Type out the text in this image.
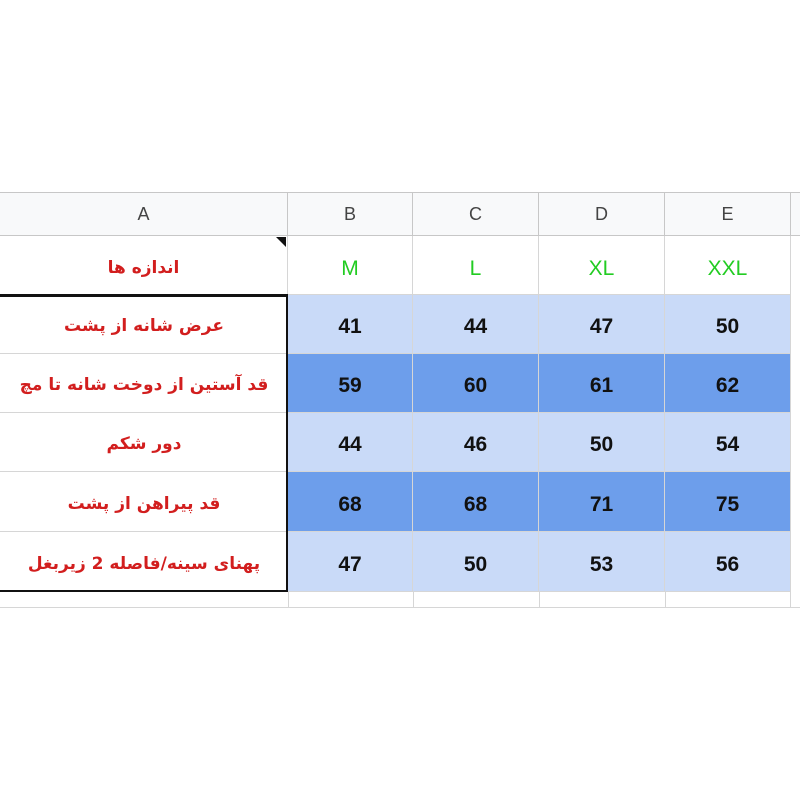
A	B	C	D	E
اندازه ها	M	L	XL	XXL
عرض شانه از پشت	41	44	47	50
قد آستین از دوخت شانه تا مچ	59	60	61	62
دور شکم	44	46	50	54
قد پیراهن از پشت	68	68	71	75
پهنای سینه/فاصله 2 زیربغل	47	50	53	56
